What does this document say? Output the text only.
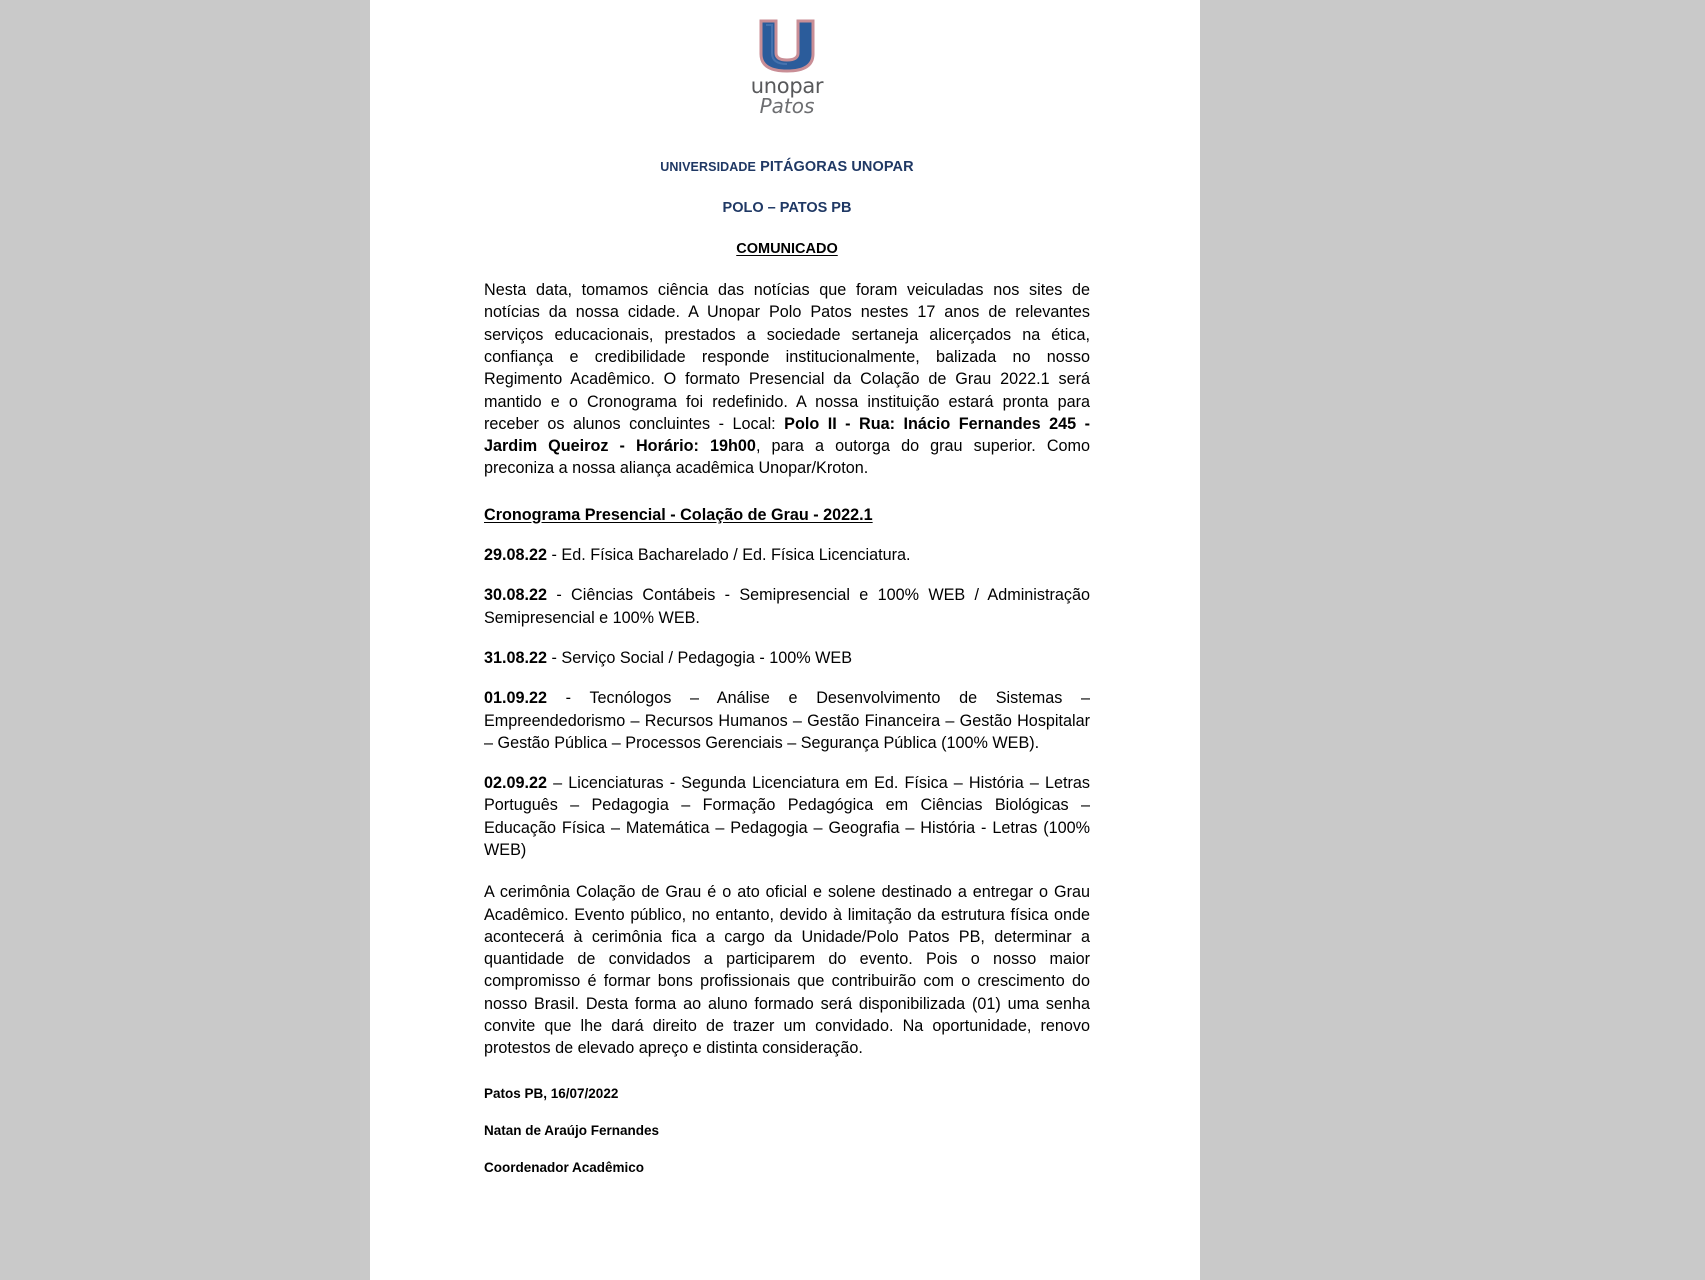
unopar
Patos
UNIVERSIDADE PITÁGORAS UNOPAR
POLO – PATOS PB
COMUNICADO

Nesta data, tomamos ciência das notícias que foram veiculadas nos sites de notícias da nossa cidade. A Unopar Polo Patos nestes 17 anos de relevantes serviços educacionais, prestados a sociedade sertaneja alicerçados na ética, confiança e credibilidade responde institucionalmente, balizada no nosso Regimento Acadêmico. O formato Presencial da Colação de Grau 2022.1 será mantido e o Cronograma foi redefinido. A nossa instituição estará pronta para receber os alunos concluintes - Local: Polo II - Rua: Inácio Fernandes 245 - Jardim Queiroz - Horário: 19h00, para a outorga do grau superior. Como preconiza a nossa aliança acadêmica Unopar/Kroton.

Cronograma Presencial - Colação de Grau - 2022.1
29.08.22 - Ed. Física Bacharelado / Ed. Física Licenciatura.
30.08.22 - Ciências Contábeis - Semipresencial e 100% WEB / Administração Semipresencial e 100% WEB.
31.08.22 - Serviço Social / Pedagogia - 100% WEB
01.09.22 - Tecnólogos – Análise e Desenvolvimento de Sistemas – Empreendedorismo – Recursos Humanos – Gestão Financeira – Gestão Hospitalar – Gestão Pública – Processos Gerenciais – Segurança Pública (100% WEB).
02.09.22 – Licenciaturas - Segunda Licenciatura em Ed. Física – História – Letras Português – Pedagogia – Formação Pedagógica em Ciências Biológicas – Educação Física – Matemática – Pedagogia – Geografia – História - Letras (100% WEB)

A cerimônia Colação de Grau é o ato oficial e solene destinado a entregar o Grau Acadêmico. Evento público, no entanto, devido à limitação da estrutura física onde acontecerá à cerimônia fica a cargo da Unidade/Polo Patos PB, determinar a quantidade de convidados a participarem do evento. Pois o nosso maior compromisso é formar bons profissionais que contribuirão com o crescimento do nosso Brasil. Desta forma ao aluno formado será disponibilizada (01) uma senha convite que lhe dará direito de trazer um convidado. Na oportunidade, renovo protestos de elevado apreço e distinta consideração.

Patos PB, 16/07/2022
Natan de Araújo Fernandes
Coordenador Acadêmico
